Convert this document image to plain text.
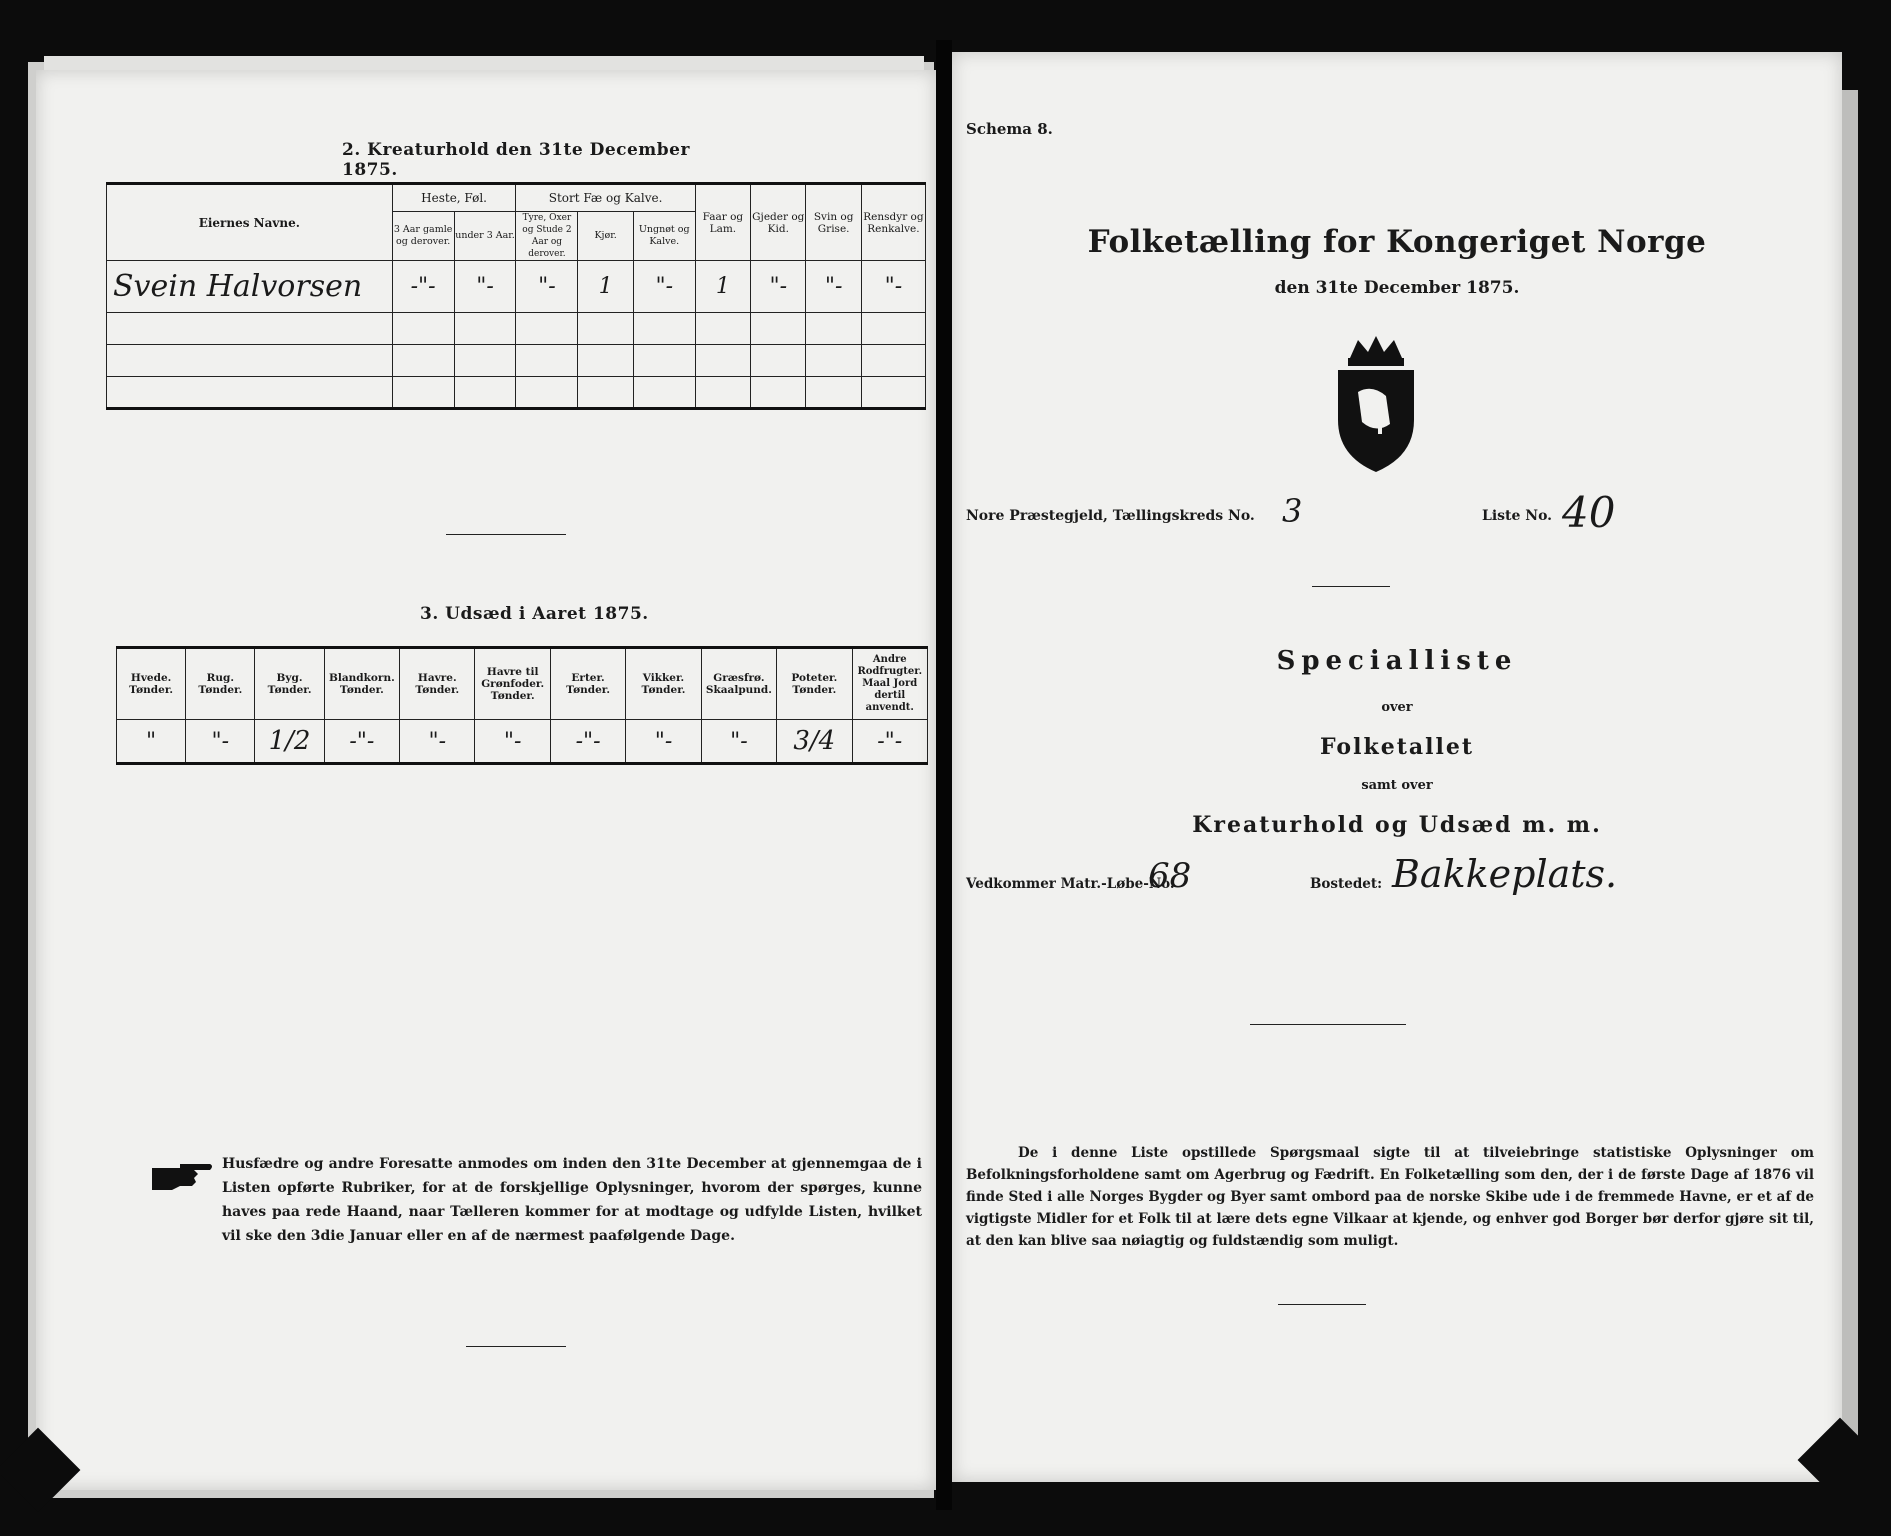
2. Kreaturhold den 31te December 1875.
Eiernes Navne.	Heste, Føl.		Stort Fæ og Kalve.			Faar og Lam.	Gjeder og Kid.	Svin og Grise.	Rensdyr og Renkalve.
	3 Aar gamle og derover.	under 3 Aar.	Tyre, Oxer og Stude 2 Aar og derover.	Kjør.	Ungnøt og Kalve.				
Svein Halvorsen	-"-	"-	"-	1	"-	1	"-	"-	"-

3. Udsæd i Aaret 1875.
Hvede. Tønder.	Rug. Tønder.	Byg. Tønder.	Blandkorn. Tønder.	Havre. Tønder.	Havre til Grønfoder. Tønder.	Erter. Tønder.	Vikker. Tønder.	Græsfrø. Skaalpund.	Poteter. Tønder.	Andre Rodfrugter. Maal Jord dertil anvendt.
"	"-	1/2	-"-	"-	"-	-"-	"-	"-	3/4	-"-
Husfædre og andre Foresatte anmodes om inden den 31te December at gjennemgaa de i Listen opførte Rubriker, for at de forskjellige Oplysninger, hvorom der spørges, kunne haves paa rede Haand, naar Tælleren kommer for at modtage og udfylde Listen, hvilket vil ske den 3die Januar eller en af de nærmest paafølgende Dage.
Schema 8.
Folketælling for Kongeriget Norge
den 31te December 1875.
Nore Præstegjeld, Tællingskreds No. 3	Liste No. 40
Specialliste
over
Folketallet
samt over
Kreaturhold og Udsæd m. m.
Vedkommer Matr.-Løbe-No.
68	Bostedet: Bakkeplats.
De i denne Liste opstillede Spørgsmaal sigte til at tilveiebringe statistiske Oplysninger om Befolkningsforholdene samt om Agerbrug og Fædrift. En Folketælling som den, der i de første Dage af 1876 vil finde Sted i alle Norges Bygder og Byer samt ombord paa de norske Skibe ude i de fremmede Havne, er et af de vigtigste Midler for et Folk til at lære dets egne Vilkaar at kjende, og enhver god Borger bør derfor gjøre sit til, at den kan blive saa nøiagtig og fuldstændig som muligt.
